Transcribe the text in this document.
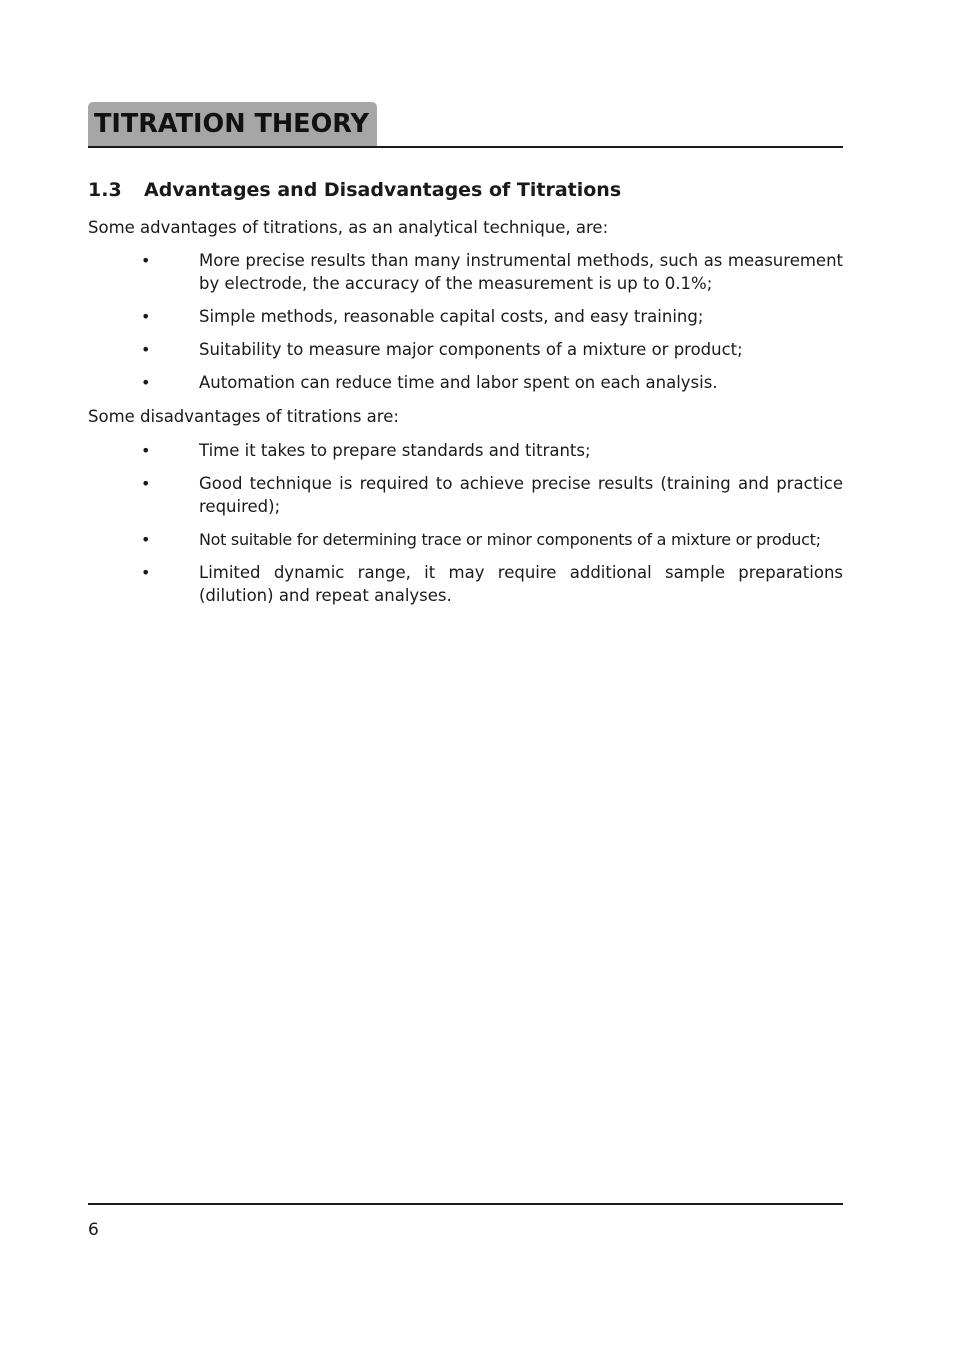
TITRATION THEORY
1.3 Advantages and Disadvantages of Titrations
Some advantages of titrations, as an analytical technique, are:
•	More precise results than many instrumental methods, such as measurement by electrode, the accuracy of the measurement is up to 0.1%;
•	Simple methods, reasonable capital costs, and easy training;
•	Suitability to measure major components of a mixture or product;
•	Automation can reduce time and labor spent on each analysis.
Some disadvantages of titrations are:
•	Time it takes to prepare standards and titrants;
•	Good technique is required to achieve precise results (training and practice required);
•	Not suitable for determining trace or minor components of a mixture or product;
•	Limited dynamic range, it may require additional sample preparations (dilution) and repeat analyses.
6
